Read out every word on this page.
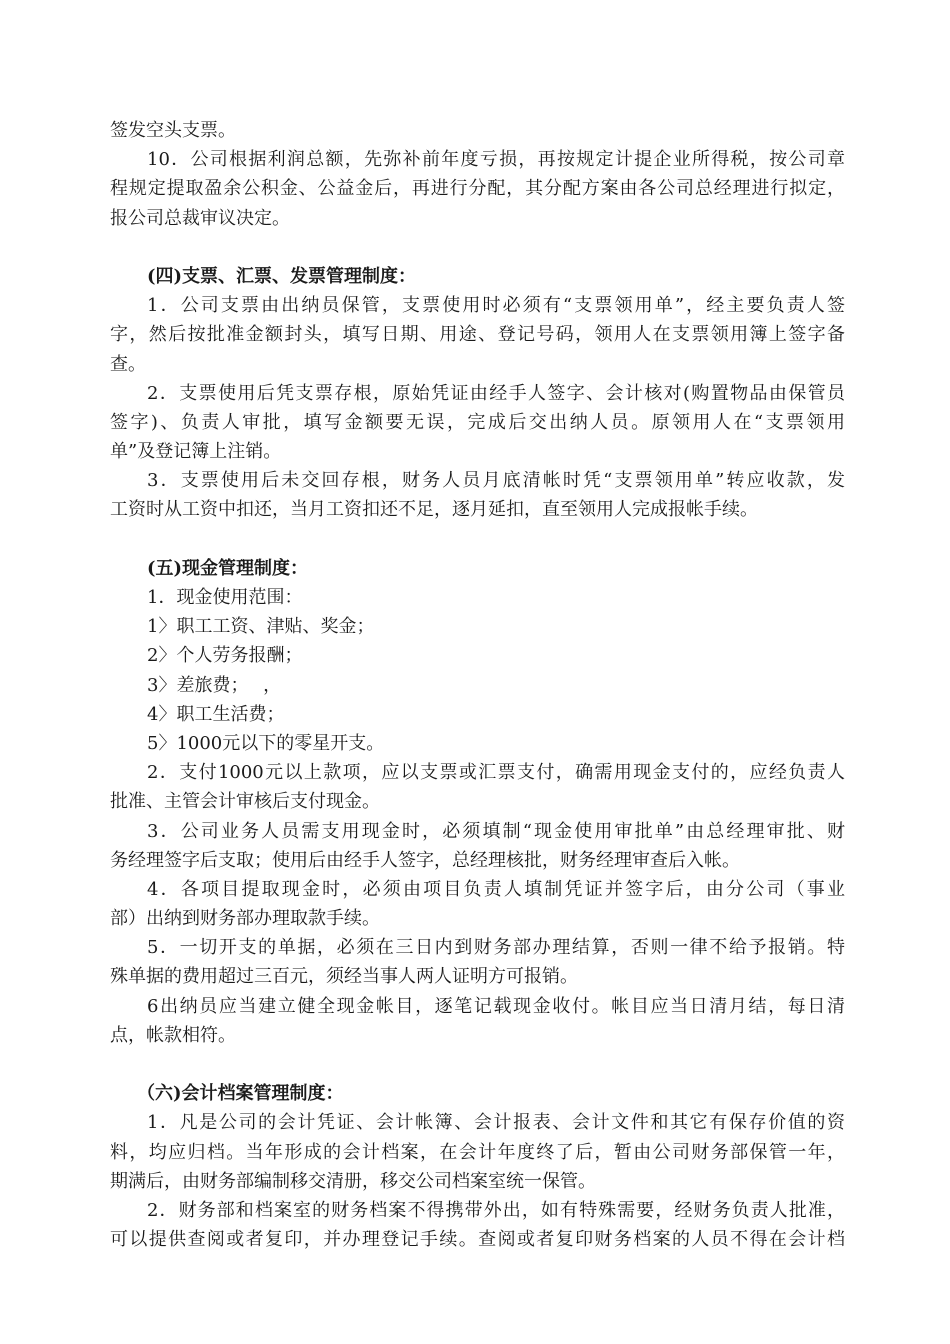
签发空头支票。
10．公司根据利润总额，先弥补前年度亏损，再按规定计提企业所得税，按公司章
程规定提取盈余公积金、公益金后，再进行分配，其分配方案由各公司总经理进行拟定，
报公司总裁审议决定。
(四)支票、汇票、发票管理制度：
1．公司支票由出纳员保管，支票使用时必须有“支票领用单”，经主要负责人签
字，然后按批准金额封头，填写日期、用途、登记号码，领用人在支票领用簿上签字备
查。
2．支票使用后凭支票存根，原始凭证由经手人签字、会计核对(购置物品由保管员
签字)、负责人审批，填写金额要无误，完成后交出纳人员。原领用人在“支票领用
单”及登记簿上注销。
3．支票使用后未交回存根，财务人员月底清帐时凭“支票领用单”转应收款，发
工资时从工资中扣还，当月工资扣还不足，逐月延扣，直至领用人完成报帐手续。
(五)现金管理制度：
1．现金使用范围：
1〉职工工资、津贴、奖金；
2〉个人劳务报酬；
3〉差旅费；　 ，
4〉职工生活费；
5〉1000元以下的零星开支。
2．支付1000元以上款项，应以支票或汇票支付，确需用现金支付的，应经负责人
批准、主管会计审核后支付现金。
3．公司业务人员需支用现金时，必须填制“现金使用审批单”由总经理审批、财
务经理签字后支取；使用后由经手人签字，总经理核批，财务经理审查后入帐。
4．各项目提取现金时，必须由项目负责人填制凭证并签字后，由分公司（事业
部）出纳到财务部办理取款手续。
5．一切开支的单据，必须在三日内到财务部办理结算，否则一律不给予报销。特
殊单据的费用超过三百元，须经当事人两人证明方可报销。
6出纳员应当建立健全现金帐目，逐笔记载现金收付。帐目应当日清月结，每日清
点，帐款相符。
（六)会计档案管理制度：
1．凡是公司的会计凭证、会计帐簿、会计报表、会计文件和其它有保存价值的资
料，均应归档。当年形成的会计档案，在会计年度终了后，暂由公司财务部保管一年，
期满后，由财务部编制移交清册，移交公司档案室统一保管。
2．财务部和档案室的财务档案不得携带外出，如有特殊需要，经财务负责人批准，
可以提供查阅或者复印，并办理登记手续。查阅或者复印财务档案的人员不得在会计档
